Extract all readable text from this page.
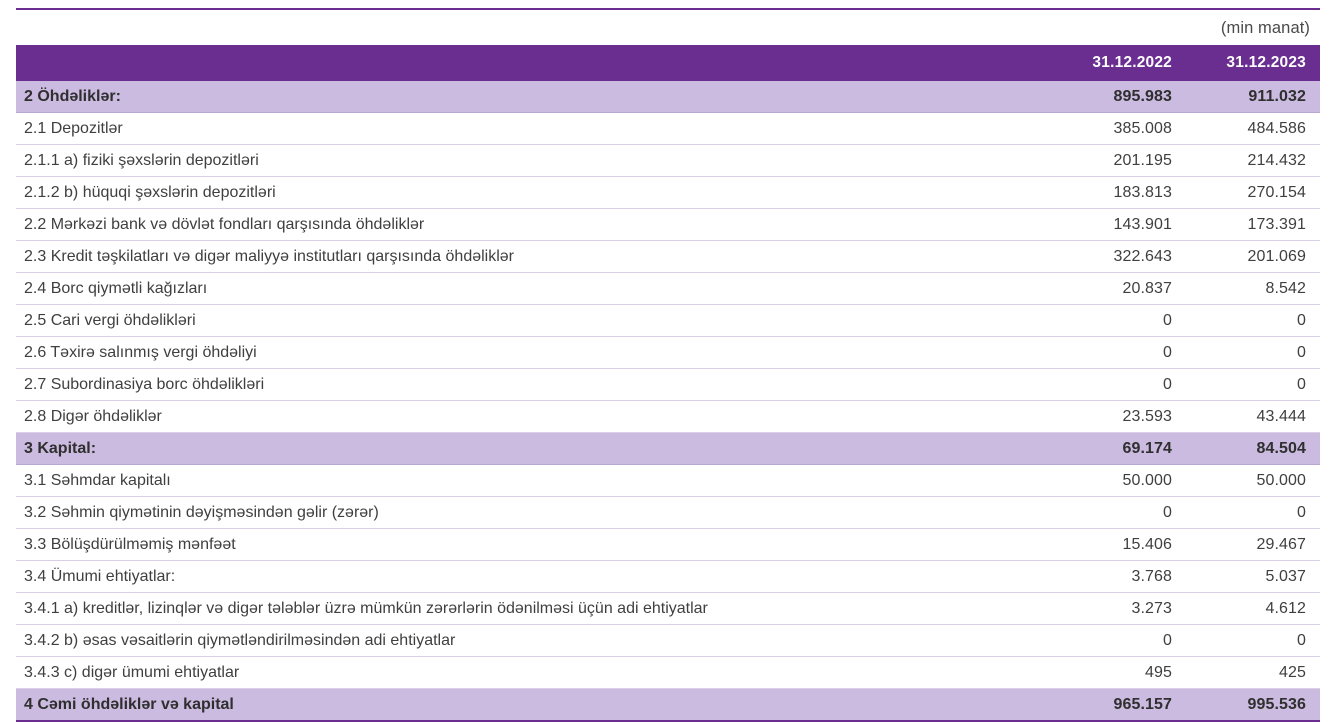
(min manat)
	31.12.2022	31.12.2023
2 Öhdəliklər:	895.983	911.032
2.1 Depozitlər	385.008	484.586
2.1.1 a) fiziki şəxslərin depozitləri	201.195	214.432
2.1.2 b) hüquqi şəxslərin depozitləri	183.813	270.154
2.2 Mərkəzi bank və dövlət fondları qarşısında öhdəliklər	143.901	173.391
2.3 Kredit təşkilatları və digər maliyyə institutları qarşısında öhdəliklər	322.643	201.069
2.4 Borc qiymətli kağızları	20.837	8.542
2.5 Cari vergi öhdəlikləri	0	0
2.6 Təxirə salınmış vergi öhdəliyi	0	0
2.7 Subordinasiya borc öhdəlikləri	0	0
2.8 Digər öhdəliklər	23.593	43.444
3 Kapital:	69.174	84.504
3.1 Səhmdar kapitalı	50.000	50.000
3.2 Səhmin qiymətinin dəyişməsindən gəlir (zərər)	0	0
3.3 Bölüşdürülməmiş mənfəət	15.406	29.467
3.4 Ümumi ehtiyatlar:	3.768	5.037
3.4.1 a) kreditlər, lizinqlər və digər tələblər üzrə mümkün zərərlərin ödənilməsi üçün adi ehtiyatlar	3.273	4.612
3.4.2 b) əsas vəsaitlərin qiymətləndirilməsindən adi ehtiyatlar	0	0
3.4.3 c) digər ümumi ehtiyatlar	495	425
4 Cəmi öhdəliklər və kapital	965.157	995.536
